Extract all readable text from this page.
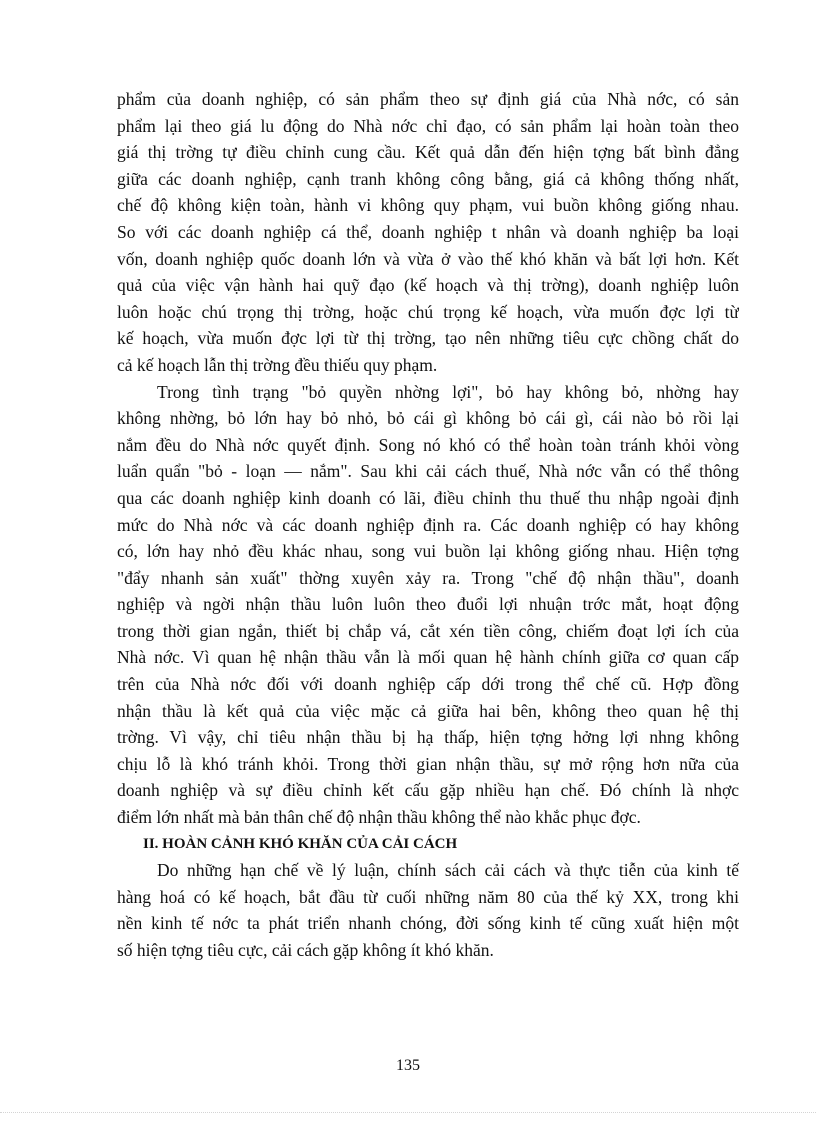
phẩm của doanh nghiệp, có sản phẩm theo sự định giá của Nhà nớc, có sản
phẩm lại theo giá lu động do Nhà nớc chỉ đạo, có sản phẩm lại hoàn toàn theo
giá thị trờng tự điều chỉnh cung cầu. Kết quả dẫn đến hiện tợng bất bình đẳng
giữa các doanh nghiệp, cạnh tranh không công bằng, giá cả không thống nhất,
chế độ không kiện toàn, hành vi không quy phạm, vui buồn không giống nhau.
So với các doanh nghiệp cá thể, doanh nghiệp t nhân và doanh nghiệp ba loại
vốn, doanh nghiệp quốc doanh lớn và vừa ở vào thế khó khăn và bất lợi hơn. Kết
quả của việc vận hành hai quỹ đạo (kế hoạch và thị trờng), doanh nghiệp luôn
luôn hoặc chú trọng thị trờng, hoặc chú trọng kế hoạch, vừa muốn đợc lợi từ
kế hoạch, vừa muốn đợc lợi từ thị trờng, tạo nên những tiêu cực chồng chất do
cả kế hoạch lẫn thị trờng đều thiếu quy phạm.
Trong tình trạng "bỏ quyền nhờng lợi", bỏ hay không bỏ, nhờng hay
không nhờng, bỏ lớn hay bỏ nhỏ, bỏ cái gì không bỏ cái gì, cái nào bỏ rồi lại
nắm đều do Nhà nớc quyết định. Song nó khó có thể hoàn toàn tránh khỏi vòng
luẩn quẩn "bỏ - loạn — nắm". Sau khi cải cách thuế, Nhà nớc vẫn có thể thông
qua các doanh nghiệp kinh doanh có lãi, điều chỉnh thu thuế thu nhập ngoài định
mức do Nhà nớc và các doanh nghiệp định ra. Các doanh nghiệp có hay không
có, lớn hay nhỏ đều khác nhau, song vui buồn lại không giống nhau. Hiện tợng
"đẩy nhanh sản xuất" thờng xuyên xảy ra. Trong "chế độ nhận thầu", doanh
nghiệp và ngời nhận thầu luôn luôn theo đuổi lợi nhuận trớc mắt, hoạt động
trong thời gian ngắn, thiết bị chắp vá, cắt xén tiền công, chiếm đoạt lợi ích của
Nhà nớc. Vì quan hệ nhận thầu vẫn là mối quan hệ hành chính giữa cơ quan cấp
trên của Nhà nớc đối với doanh nghiệp cấp dới trong thể chế cũ. Hợp đồng
nhận thầu là kết quả của việc mặc cả giữa hai bên, không theo quan hệ thị
trờng. Vì vậy, chỉ tiêu nhận thầu bị hạ thấp, hiện tợng hởng lợi nhng không
chịu lỗ là khó tránh khỏi. Trong thời gian nhận thầu, sự mở rộng hơn nữa của
doanh nghiệp và sự điều chỉnh kết cấu gặp nhiều hạn chế. Đó chính là nhợc
điểm lớn nhất mà bản thân chế độ nhận thầu không thể nào khắc phục đợc.
II. HOÀN CẢNH KHÓ KHĂN CỦA CẢI CÁCH
Do những hạn chế về lý luận, chính sách cải cách và thực tiễn của kinh tế
hàng hoá có kế hoạch, bắt đầu từ cuối những năm 80 của thế kỷ XX, trong khi
nền kinh tế nớc ta phát triển nhanh chóng, đời sống kinh tế cũng xuất hiện một
số hiện tợng tiêu cực, cải cách gặp không ít khó khăn.
135
